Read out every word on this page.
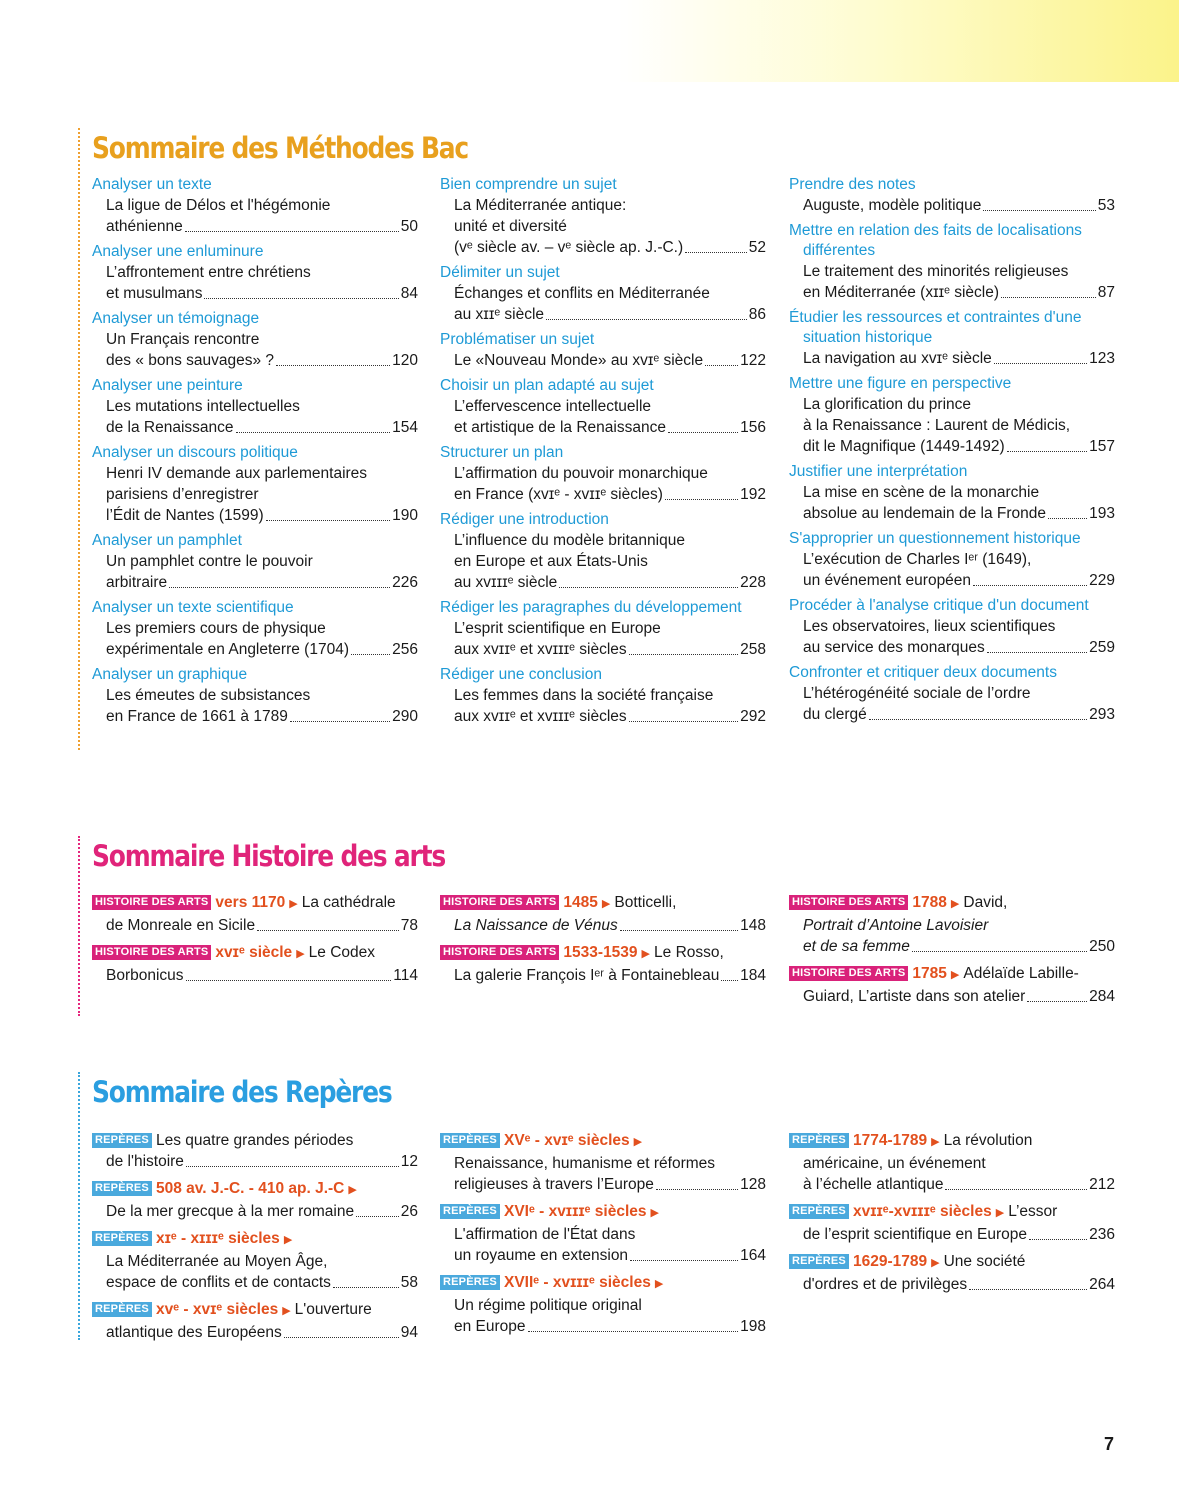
Sommaire des Méthodes Bac
Analyser un texte
La ligue de Délos et l'hégémonie
athénienne	50
Analyser une enluminure
L’affrontement entre chrétiens
et musulmans	84
Analyser un témoignage
Un Français rencontre
des « bons sauvages» ?	120
Analyser une peinture
Les mutations intellectuelles
de la Renaissance	154
Analyser un discours politique
Henri IV demande aux parlementaires
parisiens d’enregistrer
l’Édit de Nantes (1599)	190
Analyser un pamphlet
Un pamphlet contre le pouvoir
arbitraire	226
Analyser un texte scientifique
Les premiers cours de physique
expérimentale en Angleterre (1704)	256
Analyser un graphique
Les émeutes de subsistances
en France de 1661 à 1789	290
Bien comprendre un sujet
La Méditerranée antique:
unité et diversité
(vᵉ siècle av. – vᵉ siècle ap. J.-C.)	52
Délimiter un sujet
Échanges et conflits en Méditerranée
au xɪɪᵉ siècle	86
Problématiser un sujet
Le «Nouveau Monde» au xᴠɪᵉ siècle 122
Choisir un plan adapté au sujet
L’effervescence intellectuelle
et artistique de la Renaissance	156
Structurer un plan
L’affirmation du pouvoir monarchique
en France (xᴠɪᵉ - xᴠɪɪᵉ siècles)	192
Rédiger une introduction
L’influence du modèle britannique
en Europe et aux États-Unis
au xᴠɪɪɪᵉ siècle	228
Rédiger les paragraphes du développement
L’esprit scientifique en Europe
aux xᴠɪɪᵉ et xᴠɪɪɪᵉ siècles	258
Rédiger une conclusion
Les femmes dans la société française
aux xᴠɪɪᵉ et xᴠɪɪɪᵉ siècles	292
Prendre des notes
Auguste, modèle politique	53
Mettre en relation des faits de localisations
différentes
Le traitement des minorités religieuses
en Méditerranée (xɪɪᵉ siècle)	87
Étudier les ressources et contraintes d'une
situation historique
La navigation au xᴠɪᵉ siècle	123
Mettre une figure en perspective
La glorification du prince
à la Renaissance : Laurent de Médicis,
dit le Magnifique (1449-1492)	157
Justifier une interprétation
La mise en scène de la monarchie
absolue au lendemain de la Fronde	193
S'approprier un questionnement historique
L’exécution de Charles Iᵉʳ (1649),
un événement européen	229
Procéder à l'analyse critique d'un document
Les observatoires, lieux scientifiques
au service des monarques	259
Confronter et critiquer deux documents
L’hétérogénéité sociale de l’ordre
du clergé	293
Sommaire Histoire des arts
HISTOIRE DES ARTS vers 1170 ▶ La cathédrale
de Monreale en Sicile	78
HISTOIRE DES ARTS xᴠɪᵉ siècle ▶ Le Codex
Borbonicus	114
HISTOIRE DES ARTS 1485 ▶ Botticelli,
La Naissance de Vénus	148
HISTOIRE DES ARTS 1533-1539 ▶ Le Rosso,
La galerie François Iᵉʳ à Fontainebleau 184
HISTOIRE DES ARTS 1788 ▶ David,
Portrait d’Antoine Lavoisier
et de sa femme	250
HISTOIRE DES ARTS 1785 ▶ Adélaïde Labille-
Guiard, L’artiste dans son atelier	284
Sommaire des Repères
REPÈRES Les quatre grandes périodes
de l'histoire	12
REPÈRES 508 av. J.-C. - 410 ap. J.-C ▶
De la mer grecque à la mer romaine	26
REPÈRES xɪᵉ - xɪɪɪᵉ siècles ▶
La Méditerranée au Moyen Âge,
espace de conflits et de contacts	58
REPÈRES xᴠᵉ - xᴠɪᵉ siècles ▶ L'ouverture
atlantique des Européens	94
REPÈRES XVᵉ - xᴠɪᵉ siècles ▶
Renaissance, humanisme et réformes
religieuses à travers l’Europe	128
REPÈRES XVIᵉ - xᴠɪɪɪᵉ siècles ▶
L'affirmation de l'État dans
un royaume en extension	164
REPÈRES XVIIᵉ - xᴠɪɪɪᵉ siècles ▶
Un régime politique original
en Europe	198
REPÈRES 1774-1789 ▶ La révolution
américaine, un événement
à l’échelle atlantique	212
REPÈRES xᴠɪɪᵉ-xᴠɪɪɪᵉ siècles ▶ L’essor
de l’esprit scientifique en Europe	236
REPÈRES 1629-1789 ▶ Une société
d'ordres et de privilèges	264
7
